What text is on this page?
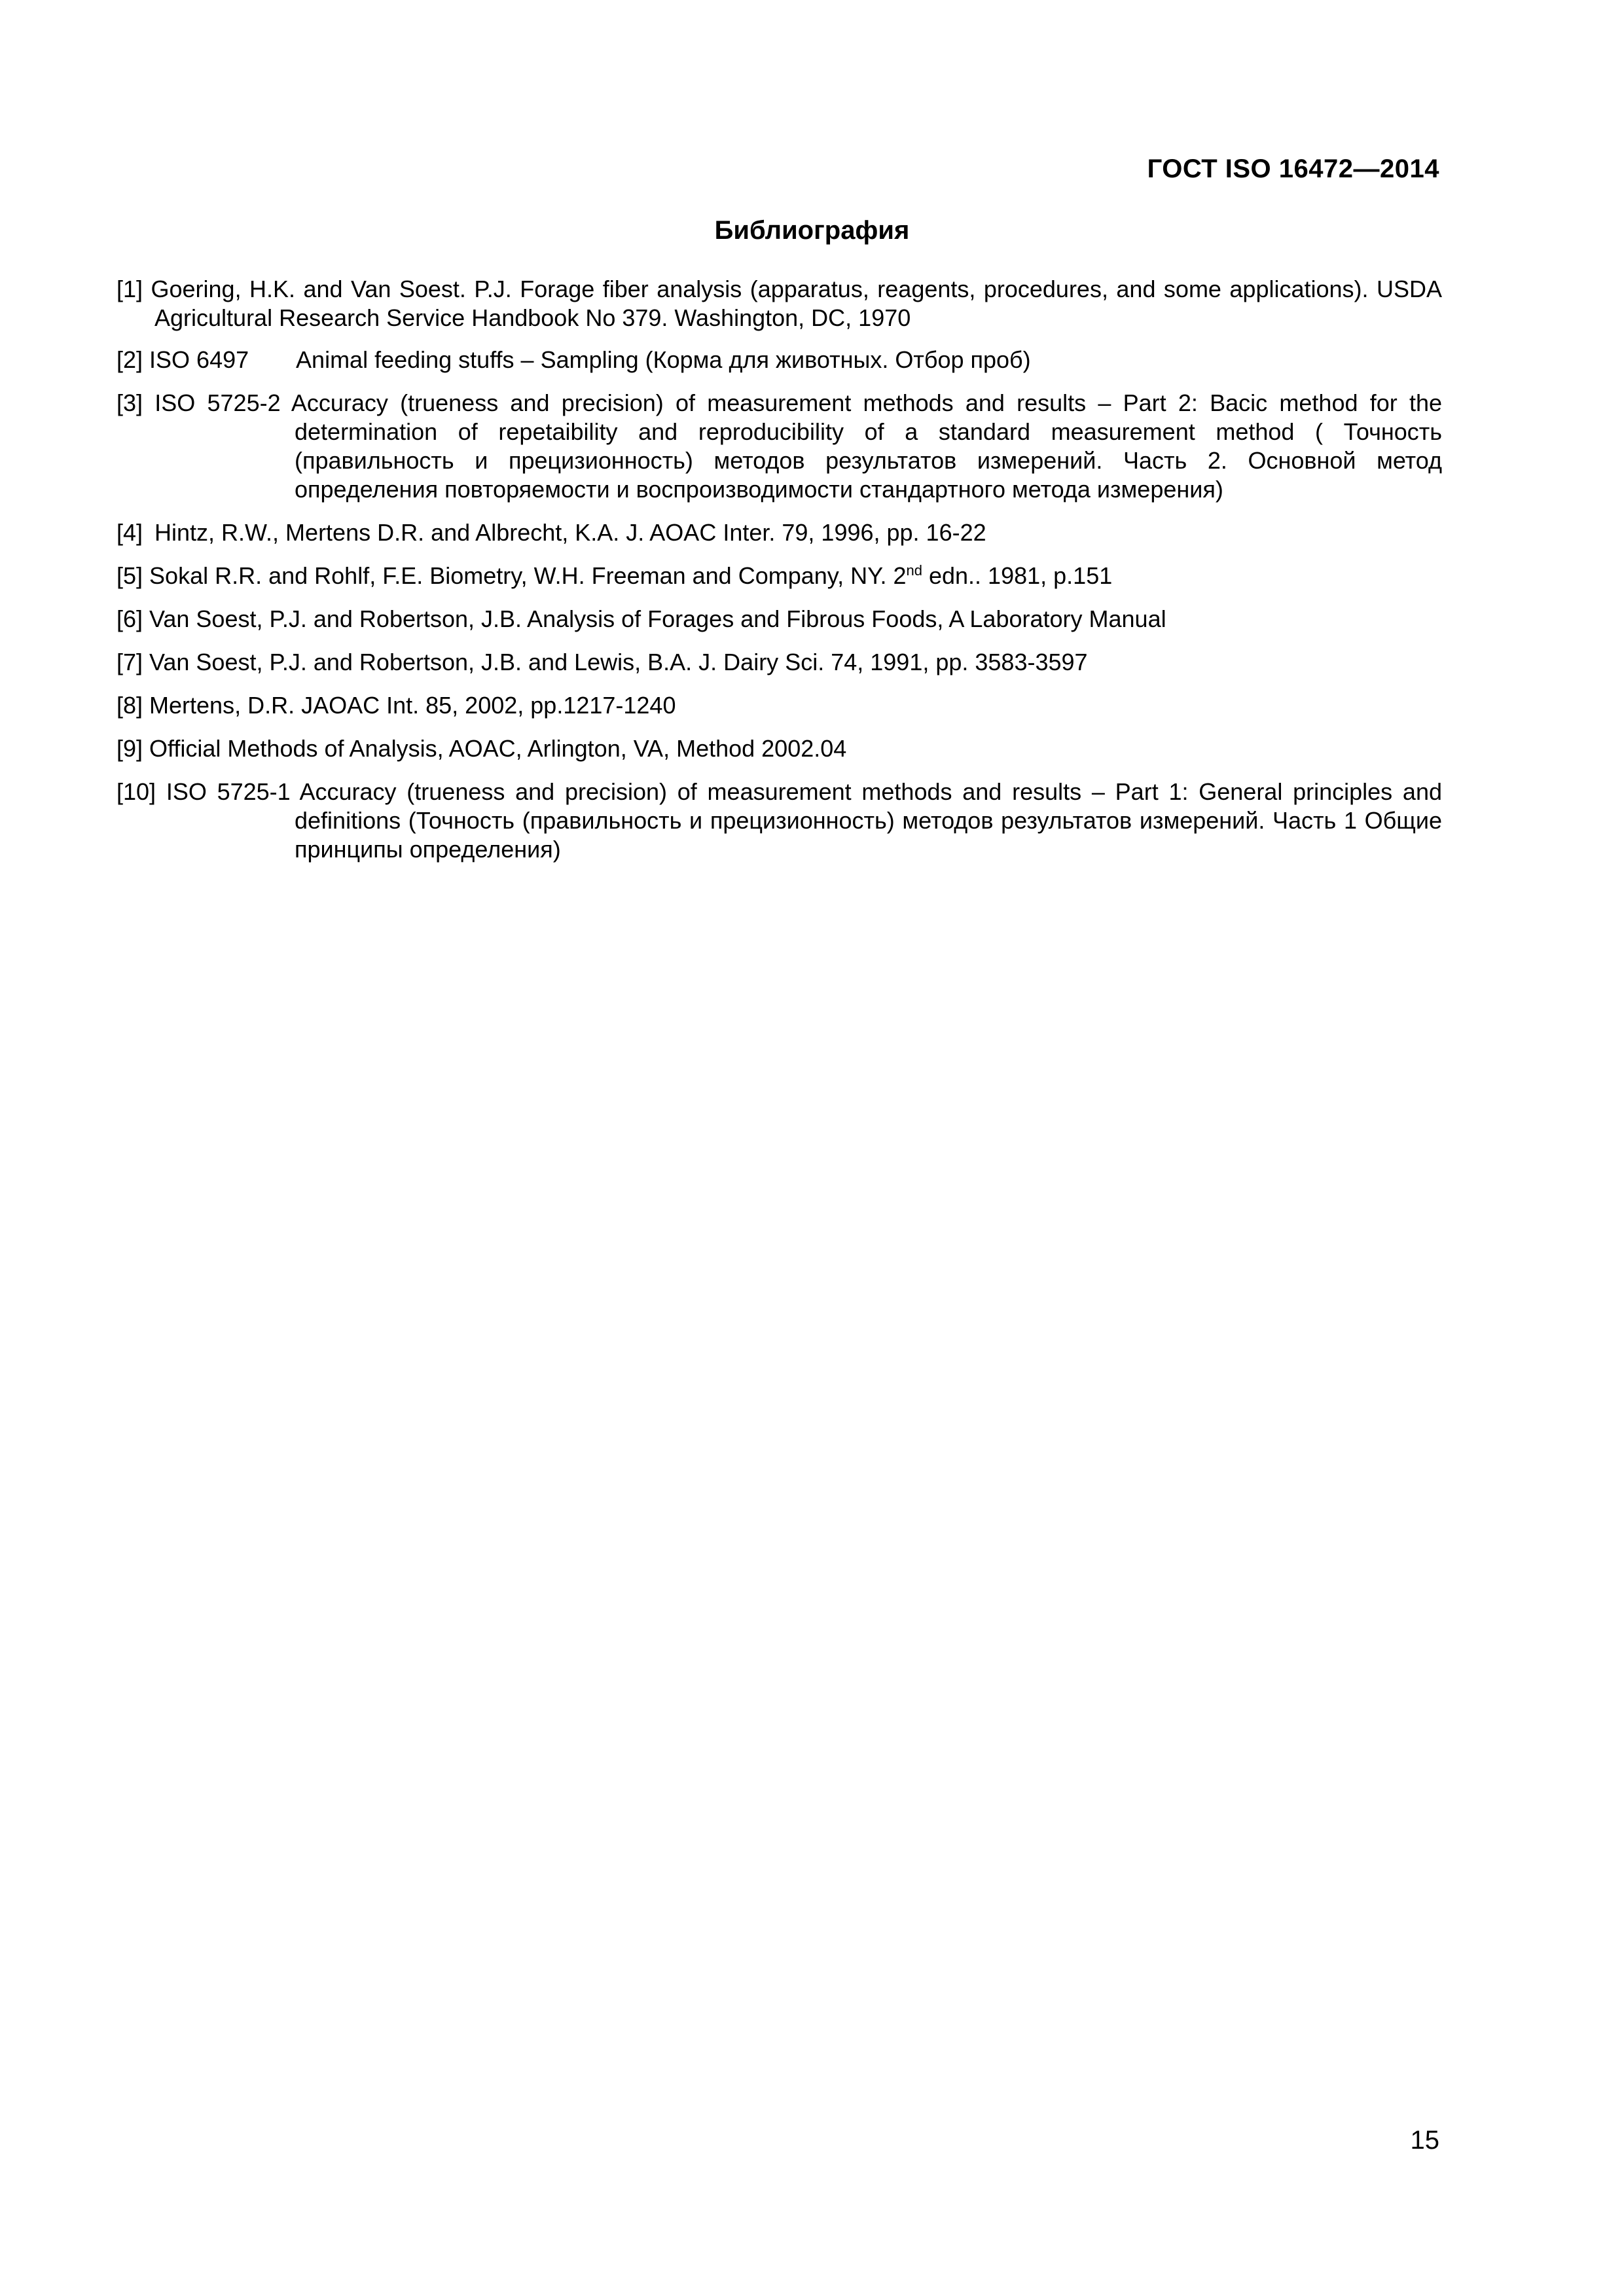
ГОСТ ISO 16472—2014
Библиография
[1] Goering, H.K. and Van Soest. P.J. Forage fiber analysis (apparatus, reagents, procedures, and some applications). USDA Agricultural Research Service Handbook No 379. Washington, DC, 1970
[2] ISO 6497	Animal feeding stuffs – Sampling (Корма для животных. Отбор проб)
[3] ISO 5725-2 Accuracy (trueness and precision) of measurement methods and results – Part 2: Bacic method for the determination of repetaibility and reproducibility of a standard measurement method ( Точность (правильность и прецизионность) методов результатов измерений. Часть 2. Основной метод определения повторяемости и воспроизводимости стандартного метода измерения)
[4] Hintz, R.W., Mertens D.R. and Albrecht, K.A. J. AOAC Inter. 79, 1996, pp. 16-22
[5] Sokal R.R. and Rohlf, F.E. Biometry, W.H. Freeman and Company, NY. 2nd edn.. 1981, p.151
[6] Van Soest, P.J. and Robertson, J.B. Analysis of Forages and Fibrous Foods, A Laboratory Manual
[7] Van Soest, P.J. and Robertson, J.B. and Lewis, B.A. J. Dairy Sci. 74, 1991, pp. 3583-3597
[8] Mertens, D.R. JAOAC Int. 85, 2002, pp.1217-1240
[9] Official Methods of Analysis, AOAC, Arlington, VA, Method 2002.04
[10] ISO 5725-1 Accuracy (trueness and precision) of measurement methods and results – Part 1: General principles and definitions (Точность (правильность и прецизионность) методов результатов измерений. Часть 1 Общие принципы определения)
15
